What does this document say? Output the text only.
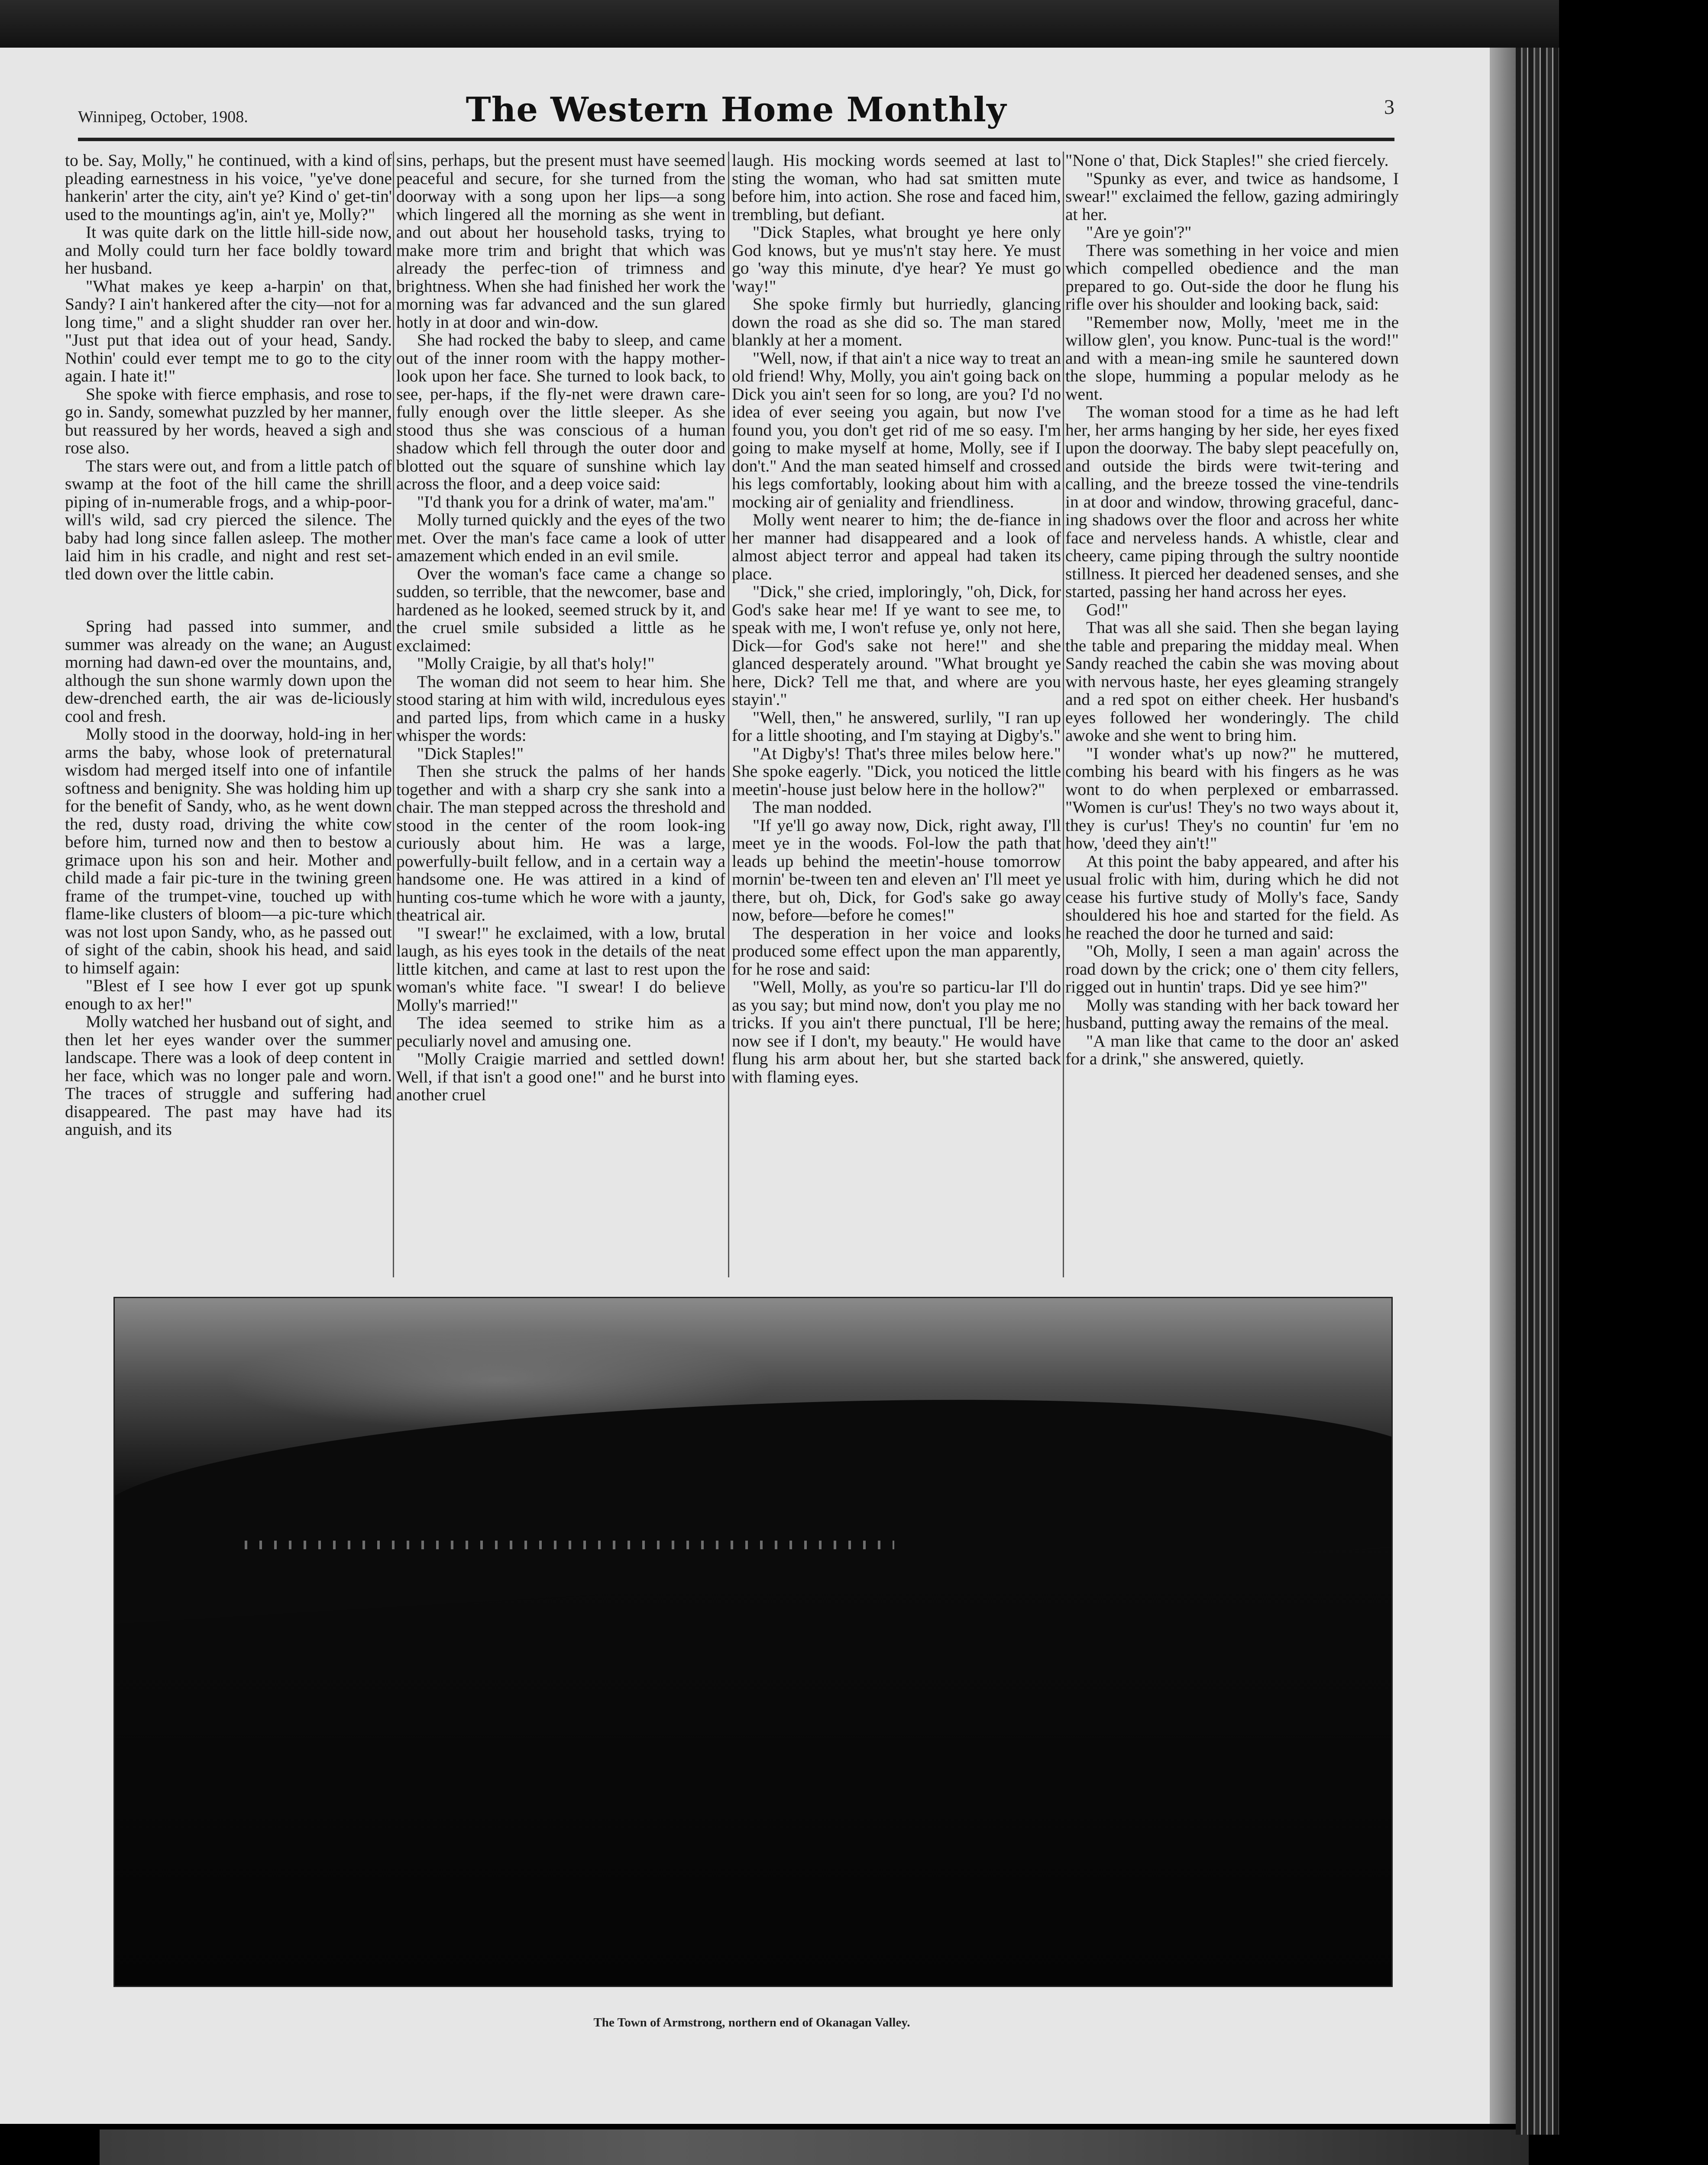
Winnipeg, October, 1908.	The Western Home Monthly	3

to be. Say, Molly," he continued, with a kind of pleading earnestness in his voice, "ye've done hankerin' arter the city, ain't ye? Kind o' get-tin' used to the mountings ag'in, ain't ye, Molly?"

It was quite dark on the little hill-side now, and Molly could turn her face boldly toward her husband.

"What makes ye keep a-harpin' on that, Sandy? I ain't hankered after the city—not for a long time," and a slight shudder ran over her. "Just put that idea out of your head, Sandy. Nothin' could ever tempt me to go to the city again. I hate it!"

She spoke with fierce emphasis, and rose to go in. Sandy, somewhat puzzled by her manner, but reassured by her words, heaved a sigh and rose also.

The stars were out, and from a little patch of swamp at the foot of the hill came the shrill piping of in-numerable frogs, and a whip-poor-will's wild, sad cry pierced the silence. The baby had long since fallen asleep. The mother laid him in his cradle, and night and rest set-tled down over the little cabin.

Spring had passed into summer, and summer was already on the wane; an August morning had dawn-ed over the mountains, and, although the sun shone warmly down upon the dew-drenched earth, the air was de-liciously cool and fresh.

Molly stood in the doorway, hold-ing in her arms the baby, whose look of preternatural wisdom had merged itself into one of infantile softness and benignity. She was holding him up for the benefit of Sandy, who, as he went down the red, dusty road, driving the white cow before him, turned now and then to bestow a grimace upon his son and heir. Mother and child made a fair pic-ture in the twining green frame of the trumpet-vine, touched up with flame-like clusters of bloom—a pic-ture which was not lost upon Sandy, who, as he passed out of sight of the cabin, shook his head, and said to himself again:

"Blest ef I see how I ever got up spunk enough to ax her!"

Molly watched her husband out of sight, and then let her eyes wander over the summer landscape. There was a look of deep content in her face, which was no longer pale and worn. The traces of struggle and suffering had disappeared. The past may have had its anguish, and its

sins, perhaps, but the present must have seemed peaceful and secure, for she turned from the doorway with a song upon her lips—a song which lingered all the morning as she went in and out about her household tasks, trying to make more trim and bright that which was already the perfec-tion of trimness and brightness. When she had finished her work the morning was far advanced and the sun glared hotly in at door and win-dow.

She had rocked the baby to sleep, and came out of the inner room with the happy mother-look upon her face. She turned to look back, to see, per-haps, if the fly-net were drawn care-fully enough over the little sleeper. As she stood thus she was conscious of a human shadow which fell through the outer door and blotted out the square of sunshine which lay across the floor, and a deep voice said:

"I'd thank you for a drink of water, ma'am."

Molly turned quickly and the eyes of the two met. Over the man's face came a look of utter amazement which ended in an evil smile.

Over the woman's face came a change so sudden, so terrible, that the newcomer, base and hardened as he looked, seemed struck by it, and the cruel smile subsided a little as he exclaimed:

"Molly Craigie, by all that's holy!"

The woman did not seem to hear him. She stood staring at him with wild, incredulous eyes and parted lips, from which came in a husky whisper the words:

"Dick Staples!"

Then she struck the palms of her hands together and with a sharp cry she sank into a chair. The man stepped across the threshold and stood in the center of the room look-ing curiously about him. He was a large, powerfully-built fellow, and in a certain way a handsome one. He was attired in a kind of hunting cos-tume which he wore with a jaunty, theatrical air.

"I swear!" he exclaimed, with a low, brutal laugh, as his eyes took in the details of the neat little kitchen, and came at last to rest upon the woman's white face. "I swear! I do believe Molly's married!"

The idea seemed to strike him as a peculiarly novel and amusing one.

"Molly Craigie married and settled down! Well, if that isn't a good one!" and he burst into another cruel

laugh. His mocking words seemed at last to sting the woman, who had sat smitten mute before him, into action. She rose and faced him, trembling, but defiant.

"Dick Staples, what brought ye here only God knows, but ye mus'n't stay here. Ye must go 'way this minute, d'ye hear? Ye must go 'way!"

She spoke firmly but hurriedly, glancing down the road as she did so. The man stared blankly at her a moment.

"Well, now, if that ain't a nice way to treat an old friend! Why, Molly, you ain't going back on Dick you ain't seen for so long, are you? I'd no idea of ever seeing you again, but now I've found you, you don't get rid of me so easy. I'm going to make myself at home, Molly, see if I don't." And the man seated himself and crossed his legs comfortably, looking about him with a mocking air of geniality and friendliness.

Molly went nearer to him; the de-fiance in her manner had disappeared and a look of almost abject terror and appeal had taken its place.

"Dick," she cried, imploringly, "oh, Dick, for God's sake hear me! If ye want to see me, to speak with me, I won't refuse ye, only not here, Dick—for God's sake not here!" and she glanced desperately around. "What brought ye here, Dick? Tell me that, and where are you stayin'."

"Well, then," he answered, surlily, "I ran up for a little shooting, and I'm staying at Digby's."

"At Digby's! That's three miles below here." She spoke eagerly. "Dick, you noticed the little meetin'-house just below here in the hollow?"

The man nodded.

"If ye'll go away now, Dick, right away, I'll meet ye in the woods. Fol-low the path that leads up behind the meetin'-house tomorrow mornin' be-tween ten and eleven an' I'll meet ye there, but oh, Dick, for God's sake go away now, before—before he comes!"

The desperation in her voice and looks produced some effect upon the man apparently, for he rose and said:

"Well, Molly, as you're so particu-lar I'll do as you say; but mind now, don't you play me no tricks. If you ain't there punctual, I'll be here; now see if I don't, my beauty." He would have flung his arm about her, but she started back with flaming eyes.

"None o' that, Dick Staples!" she cried fiercely.

"Spunky as ever, and twice as handsome, I swear!" exclaimed the fellow, gazing admiringly at her.

"Are ye goin'?"

There was something in her voice and mien which compelled obedience and the man prepared to go. Out-side the door he flung his rifle over his shoulder and looking back, said:

"Remember now, Molly, 'meet me in the willow glen', you know. Punc-tual is the word!" and with a mean-ing smile he sauntered down the slope, humming a popular melody as he went.

The woman stood for a time as he had left her, her arms hanging by her side, her eyes fixed upon the doorway. The baby slept peacefully on, and outside the birds were twit-tering and calling, and the breeze tossed the vine-tendrils in at door and window, throwing graceful, danc-ing shadows over the floor and across her white face and nerveless hands. A whistle, clear and cheery, came piping through the sultry noontide stillness. It pierced her deadened senses, and she started, passing her hand across her eyes.

God!"

That was all she said. Then she began laying the table and preparing the midday meal. When Sandy reached the cabin she was moving about with nervous haste, her eyes gleaming strangely and a red spot on either cheek. Her husband's eyes followed her wonderingly. The child awoke and she went to bring him.

"I wonder what's up now?" he muttered, combing his beard with his fingers as he was wont to do when perplexed or embarrassed. "Women is cur'us! They's no two ways about it, they is cur'us! They's no countin' fur 'em no how, 'deed they ain't!"

At this point the baby appeared, and after his usual frolic with him, during which he did not cease his furtive study of Molly's face, Sandy shouldered his hoe and started for the field. As he reached the door he turned and said:

"Oh, Molly, I seen a man again' across the road down by the crick; one o' them city fellers, rigged out in huntin' traps. Did ye see him?"

Molly was standing with her back toward her husband, putting away the remains of the meal.

"A man like that came to the door an' asked for a drink," she answered, quietly.

The Town of Armstrong, northern end of Okanagan Valley.
